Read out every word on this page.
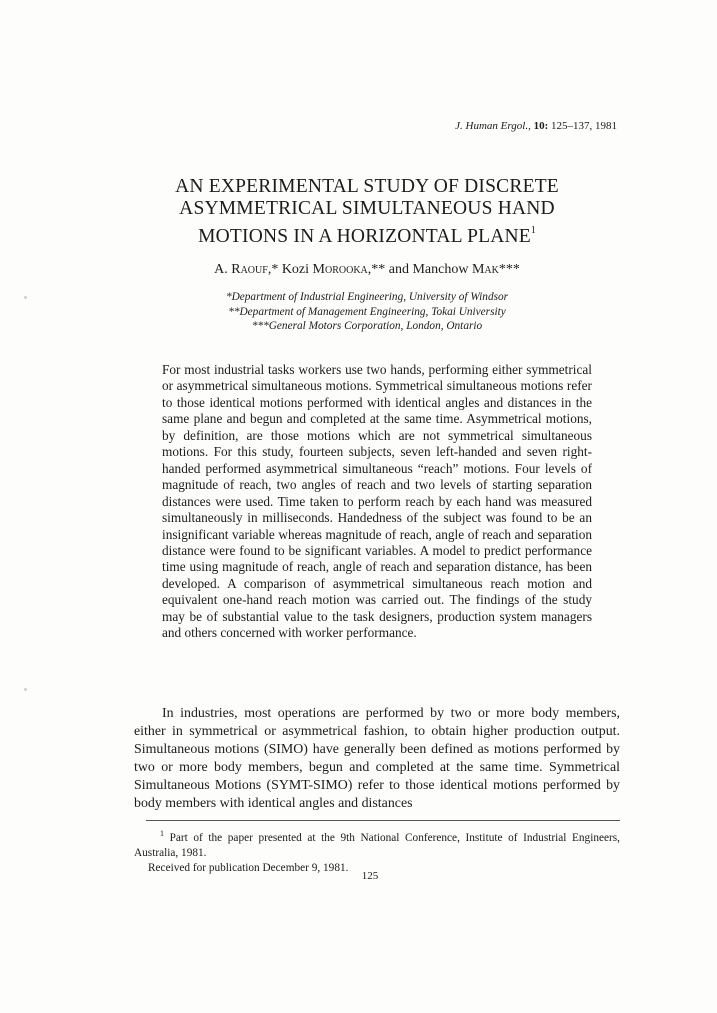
J. Human Ergol., 10: 125–137, 1981
AN EXPERIMENTAL STUDY OF DISCRETE
ASYMMETRICAL SIMULTANEOUS HAND
MOTIONS IN A HORIZONTAL PLANE$^1$
A. Raouf,* Kozi Morooka,** and Manchow Mak***
*Department of Industrial Engineering, University of Windsor
**Department of Management Engineering, Tokai University
***General Motors Corporation, London, Ontario
For most industrial tasks workers use two hands, performing either symmetrical or asymmetrical simultaneous motions. Symmetrical simultaneous motions refer to those identical motions performed with identical angles and distances in the same plane and begun and completed at the same time. Asymmetrical motions, by definition, are those motions which are not symmetrical simultaneous motions. For this study, fourteen subjects, seven left-handed and seven right-handed performed asymmetrical simultaneous “reach” motions. Four levels of magnitude of reach, two angles of reach and two levels of starting separation distances were used. Time taken to perform reach by each hand was measured simultaneously in milliseconds. Handedness of the subject was found to be an insignificant variable whereas magnitude of reach, angle of reach and separation distance were found to be significant variables. A model to predict performance time using magnitude of reach, angle of reach and separation distance, has been developed. A comparison of asymmetrical simultaneous reach motion and equivalent one-hand reach motion was carried out. The findings of the study may be of substantial value to the task designers, production system managers and others concerned with worker performance.
In industries, most operations are performed by two or more body members, either in symmetrical or asymmetrical fashion, to obtain higher production output. Simultaneous motions (SIMO) have generally been defined as motions performed by two or more body members, begun and completed at the same time. Symmetrical Simultaneous Motions (SYMT-SIMO) refer to those identical motions performed by body members with identical angles and distances
$^1$ Part of the paper presented at the 9th National Conference, Institute of Industrial Engineers, Australia, 1981.
Received for publication December 9, 1981.
125
